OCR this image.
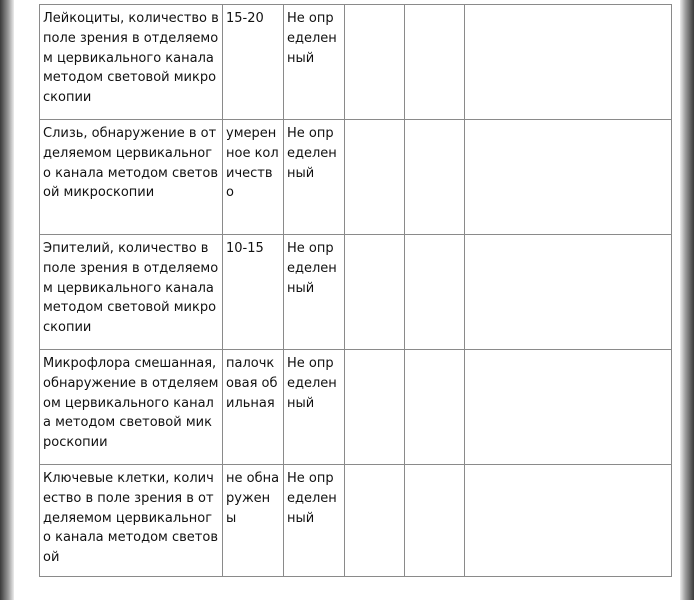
Лейкоциты, количество в поле зрения в отделяемом цервикального канала методом световой микроскопии	15-20	Не определенный			
Слизь, обнаружение в отделяемом цервикального канала методом световой микроскопии	умеренное количество	Не определенный			
Эпителий, количество в поле зрения в отделяемом цервикального канала методом световой микроскопии	10-15	Не определенный			
Микрофлора смешанная, обнаружение в отделяемом цервикального канала методом световой микроскопии	палочковая обильная	Не определенный			
Ключевые клетки, количество в поле зрения в отделяемом цервикального канала методом световой	не обнаружены	Не определенный			
